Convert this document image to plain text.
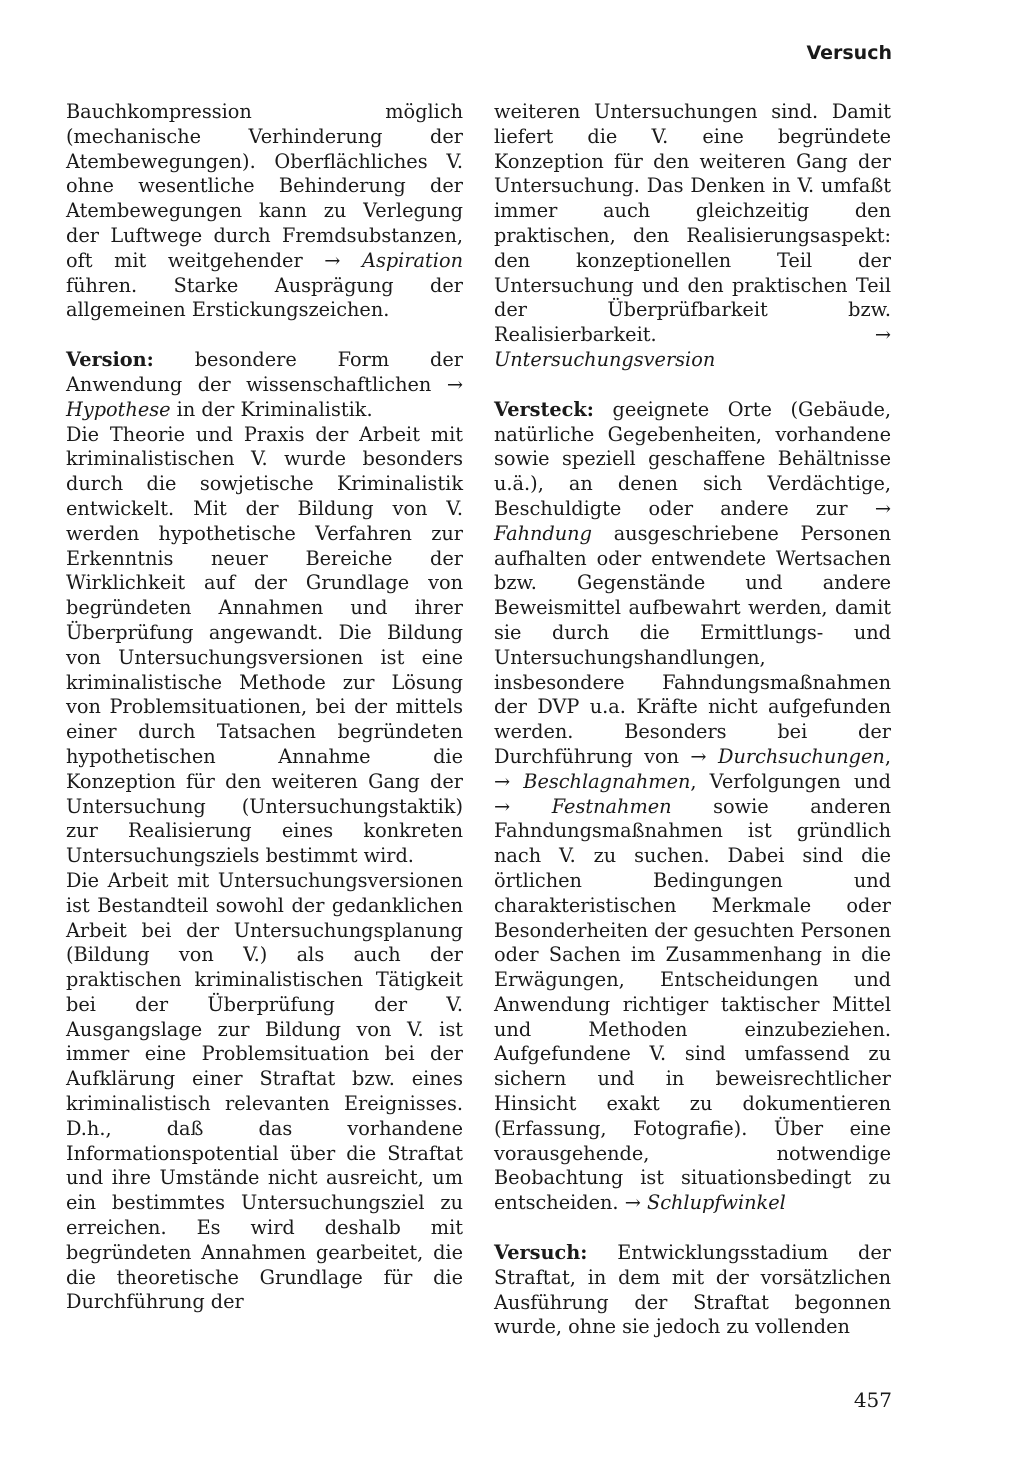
Versuch

Bauchkompression möglich (mechanische Verhinderung der Atembewegungen). Oberflächliches V. ohne wesentliche Behinderung der Atembewegungen kann zu Verlegung der Luftwege durch Fremdsubstanzen, oft mit weitgehender → Aspiration führen. Starke Ausprägung der allgemeinen Erstickungszeichen.

Version: besondere Form der Anwendung der wissenschaftlichen → Hypothese in der Kriminalistik.

Die Theorie und Praxis der Arbeit mit kriminalistischen V. wurde besonders durch die sowjetische Kriminalistik entwickelt. Mit der Bildung von V. werden hypothetische Verfahren zur Erkenntnis neuer Bereiche der Wirklichkeit auf der Grundlage von begründeten Annahmen und ihrer Überprüfung angewandt. Die Bildung von Untersuchungsversionen ist eine kriminalistische Methode zur Lösung von Problemsituationen, bei der mittels einer durch Tatsachen begründeten hypothetischen Annahme die Konzeption für den weiteren Gang der Untersuchung (Untersuchungstaktik) zur Realisierung eines konkreten Untersuchungsziels bestimmt wird.

Die Arbeit mit Untersuchungsversionen ist Bestandteil sowohl der gedanklichen Arbeit bei der Untersuchungsplanung (Bildung von V.) als auch der praktischen kriminalistischen Tätigkeit bei der Überprüfung der V. Ausgangslage zur Bildung von V. ist immer eine Problemsituation bei der Aufklärung einer Straftat bzw. eines kriminalistisch relevanten Ereignisses. D.h., daß das vorhandene Informationspotential über die Straftat und ihre Umstände nicht ausreicht, um ein bestimmtes Untersuchungsziel zu erreichen. Es wird deshalb mit begründeten Annahmen gearbeitet, die die theoretische Grundlage für die Durchführung der

weiteren Untersuchungen sind. Damit liefert die V. eine begründete Konzeption für den weiteren Gang der Untersuchung. Das Denken in V. umfaßt immer auch gleichzeitig den praktischen, den Realisierungsaspekt: den konzeptionellen Teil der Untersuchung und den praktischen Teil der Überprüfbarkeit bzw. Realisierbarkeit. → Untersuchungsversion

Versteck: geeignete Orte (Gebäude, natürliche Gegebenheiten, vorhandene sowie speziell geschaffene Behältnisse u.ä.), an denen sich Verdächtige, Beschuldigte oder andere zur → Fahndung ausgeschriebene Personen aufhalten oder entwendete Wertsachen bzw. Gegenstände und andere Beweismittel aufbewahrt werden, damit sie durch die Ermittlungs- und Untersuchungshandlungen, insbesondere Fahndungsmaßnahmen der DVP u.a. Kräfte nicht aufgefunden werden. Besonders bei der Durchführung von → Durchsuchungen, → Beschlagnahmen, Verfolgungen und → Festnahmen sowie anderen Fahndungsmaßnahmen ist gründlich nach V. zu suchen. Dabei sind die örtlichen Bedingungen und charakteristischen Merkmale oder Besonderheiten der gesuchten Personen oder Sachen im Zusammenhang in die Erwägungen, Entscheidungen und Anwendung richtiger taktischer Mittel und Methoden einzubeziehen. Aufgefundene V. sind umfassend zu sichern und in beweisrechtlicher Hinsicht exakt zu dokumentieren (Erfassung, Fotografie). Über eine vorausgehende, notwendige Beobachtung ist situationsbedingt zu entscheiden. → Schlupfwinkel

Versuch: Entwicklungsstadium der Straftat, in dem mit der vorsätzlichen Ausführung der Straftat begonnen wurde, ohne sie jedoch zu vollenden

457
